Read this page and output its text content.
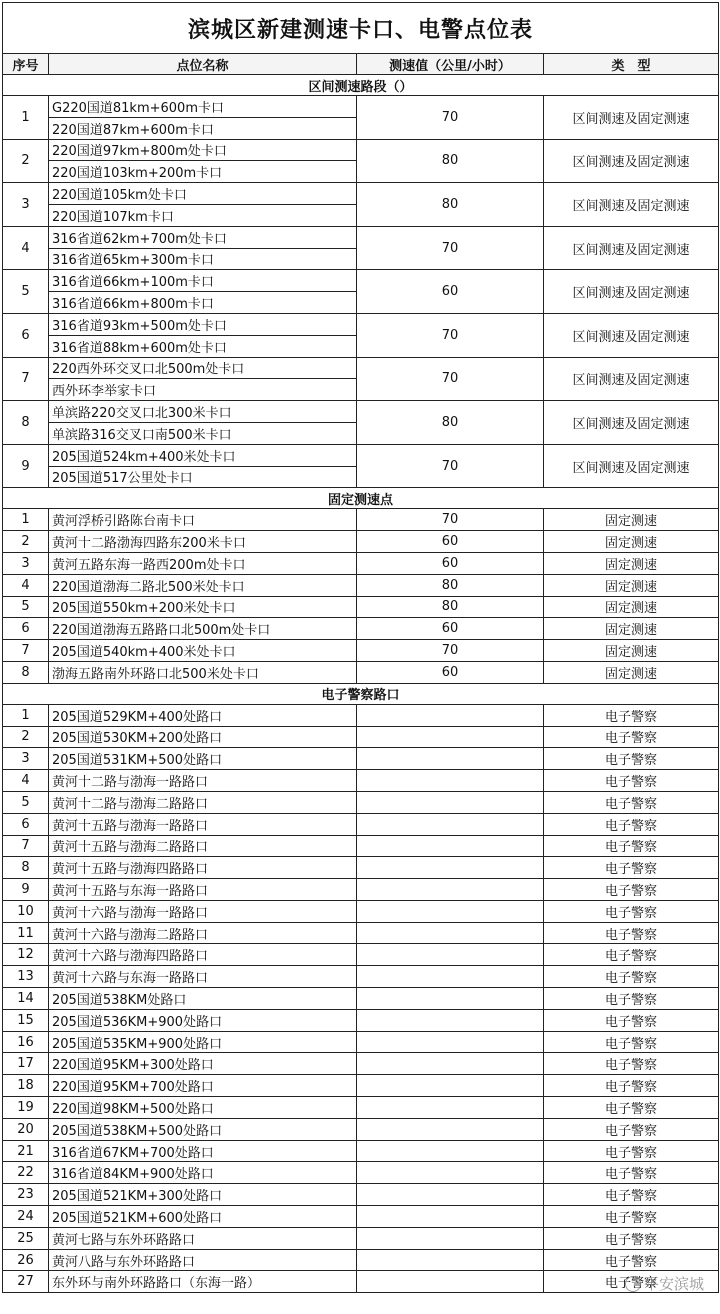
滨城区新建测速卡口、电警点位表			
序号	点位名称	测速值（公里/小时）	类　型
区间测速路段（）			
1	G220国道81km+600m卡口	70	区间测速及固定测速
	220国道87km+600m卡口		
2	220国道97km+800m处卡口	80	区间测速及固定测速
	220国道103km+200m卡口		
3	220国道105km处卡口	80	区间测速及固定测速
	220国道107km卡口		
4	316省道62km+700m处卡口	70	区间测速及固定测速
	316省道65km+300m卡口		
5	316省道66km+100m卡口	60	区间测速及固定测速
	316省道66km+800m卡口		
6	316省道93km+500m处卡口	70	区间测速及固定测速
	316省道88km+600m处卡口		
7	220西外环交叉口北500m处卡口	70	区间测速及固定测速
	西外环李举家卡口		
8	单滨路220交叉口北300米卡口	80	区间测速及固定测速
	单滨路316交叉口南500米卡口		
9	205国道524km+400米处卡口	70	区间测速及固定测速
	205国道517公里处卡口		
固定测速点			
1	黄河浮桥引路陈台南卡口	70	固定测速
2	黄河十二路渤海四路东200米卡口	60	固定测速
3	黄河五路东海一路西200m处卡口	60	固定测速
4	220国道渤海二路北500米处卡口	80	固定测速
5	205国道550km+200米处卡口	80	固定测速
6	220国道渤海五路路口北500m处卡口	60	固定测速
7	205国道540km+400米处卡口	70	固定测速
8	渤海五路南外环路口北500米处卡口	60	固定测速
电子警察路口			
1	205国道529KM+400处路口		电子警察
2	205国道530KM+200处路口		电子警察
3	205国道531KM+500处路口		电子警察
4	黄河十二路与渤海一路路口		电子警察
5	黄河十二路与渤海二路路口		电子警察
6	黄河十五路与渤海一路路口		电子警察
7	黄河十五路与渤海二路路口		电子警察
8	黄河十五路与渤海四路路口		电子警察
9	黄河十五路与东海一路路口		电子警察
10	黄河十六路与渤海一路路口		电子警察
11	黄河十六路与渤海二路路口		电子警察
12	黄河十六路与渤海四路路口		电子警察
13	黄河十六路与东海一路路口		电子警察
14	205国道538KM处路口		电子警察
15	205国道536KM+900处路口		电子警察
16	205国道535KM+900处路口		电子警察
17	220国道95KM+300处路口		电子警察
18	220国道95KM+700处路口		电子警察
19	220国道98KM+500处路口		电子警察
20	205国道538KM+500处路口		电子警察
21	316省道67KM+700处路口		电子警察
22	316省道84KM+900处路口		电子警察
23	205国道521KM+300处路口		电子警察
24	205国道521KM+600处路口		电子警察
25	黄河七路与东外环路路口		电子警察
26	黄河八路与东外环路路口		电子警察
27	东外环与南外环路路口（东海一路）		电子警察
平安滨城
